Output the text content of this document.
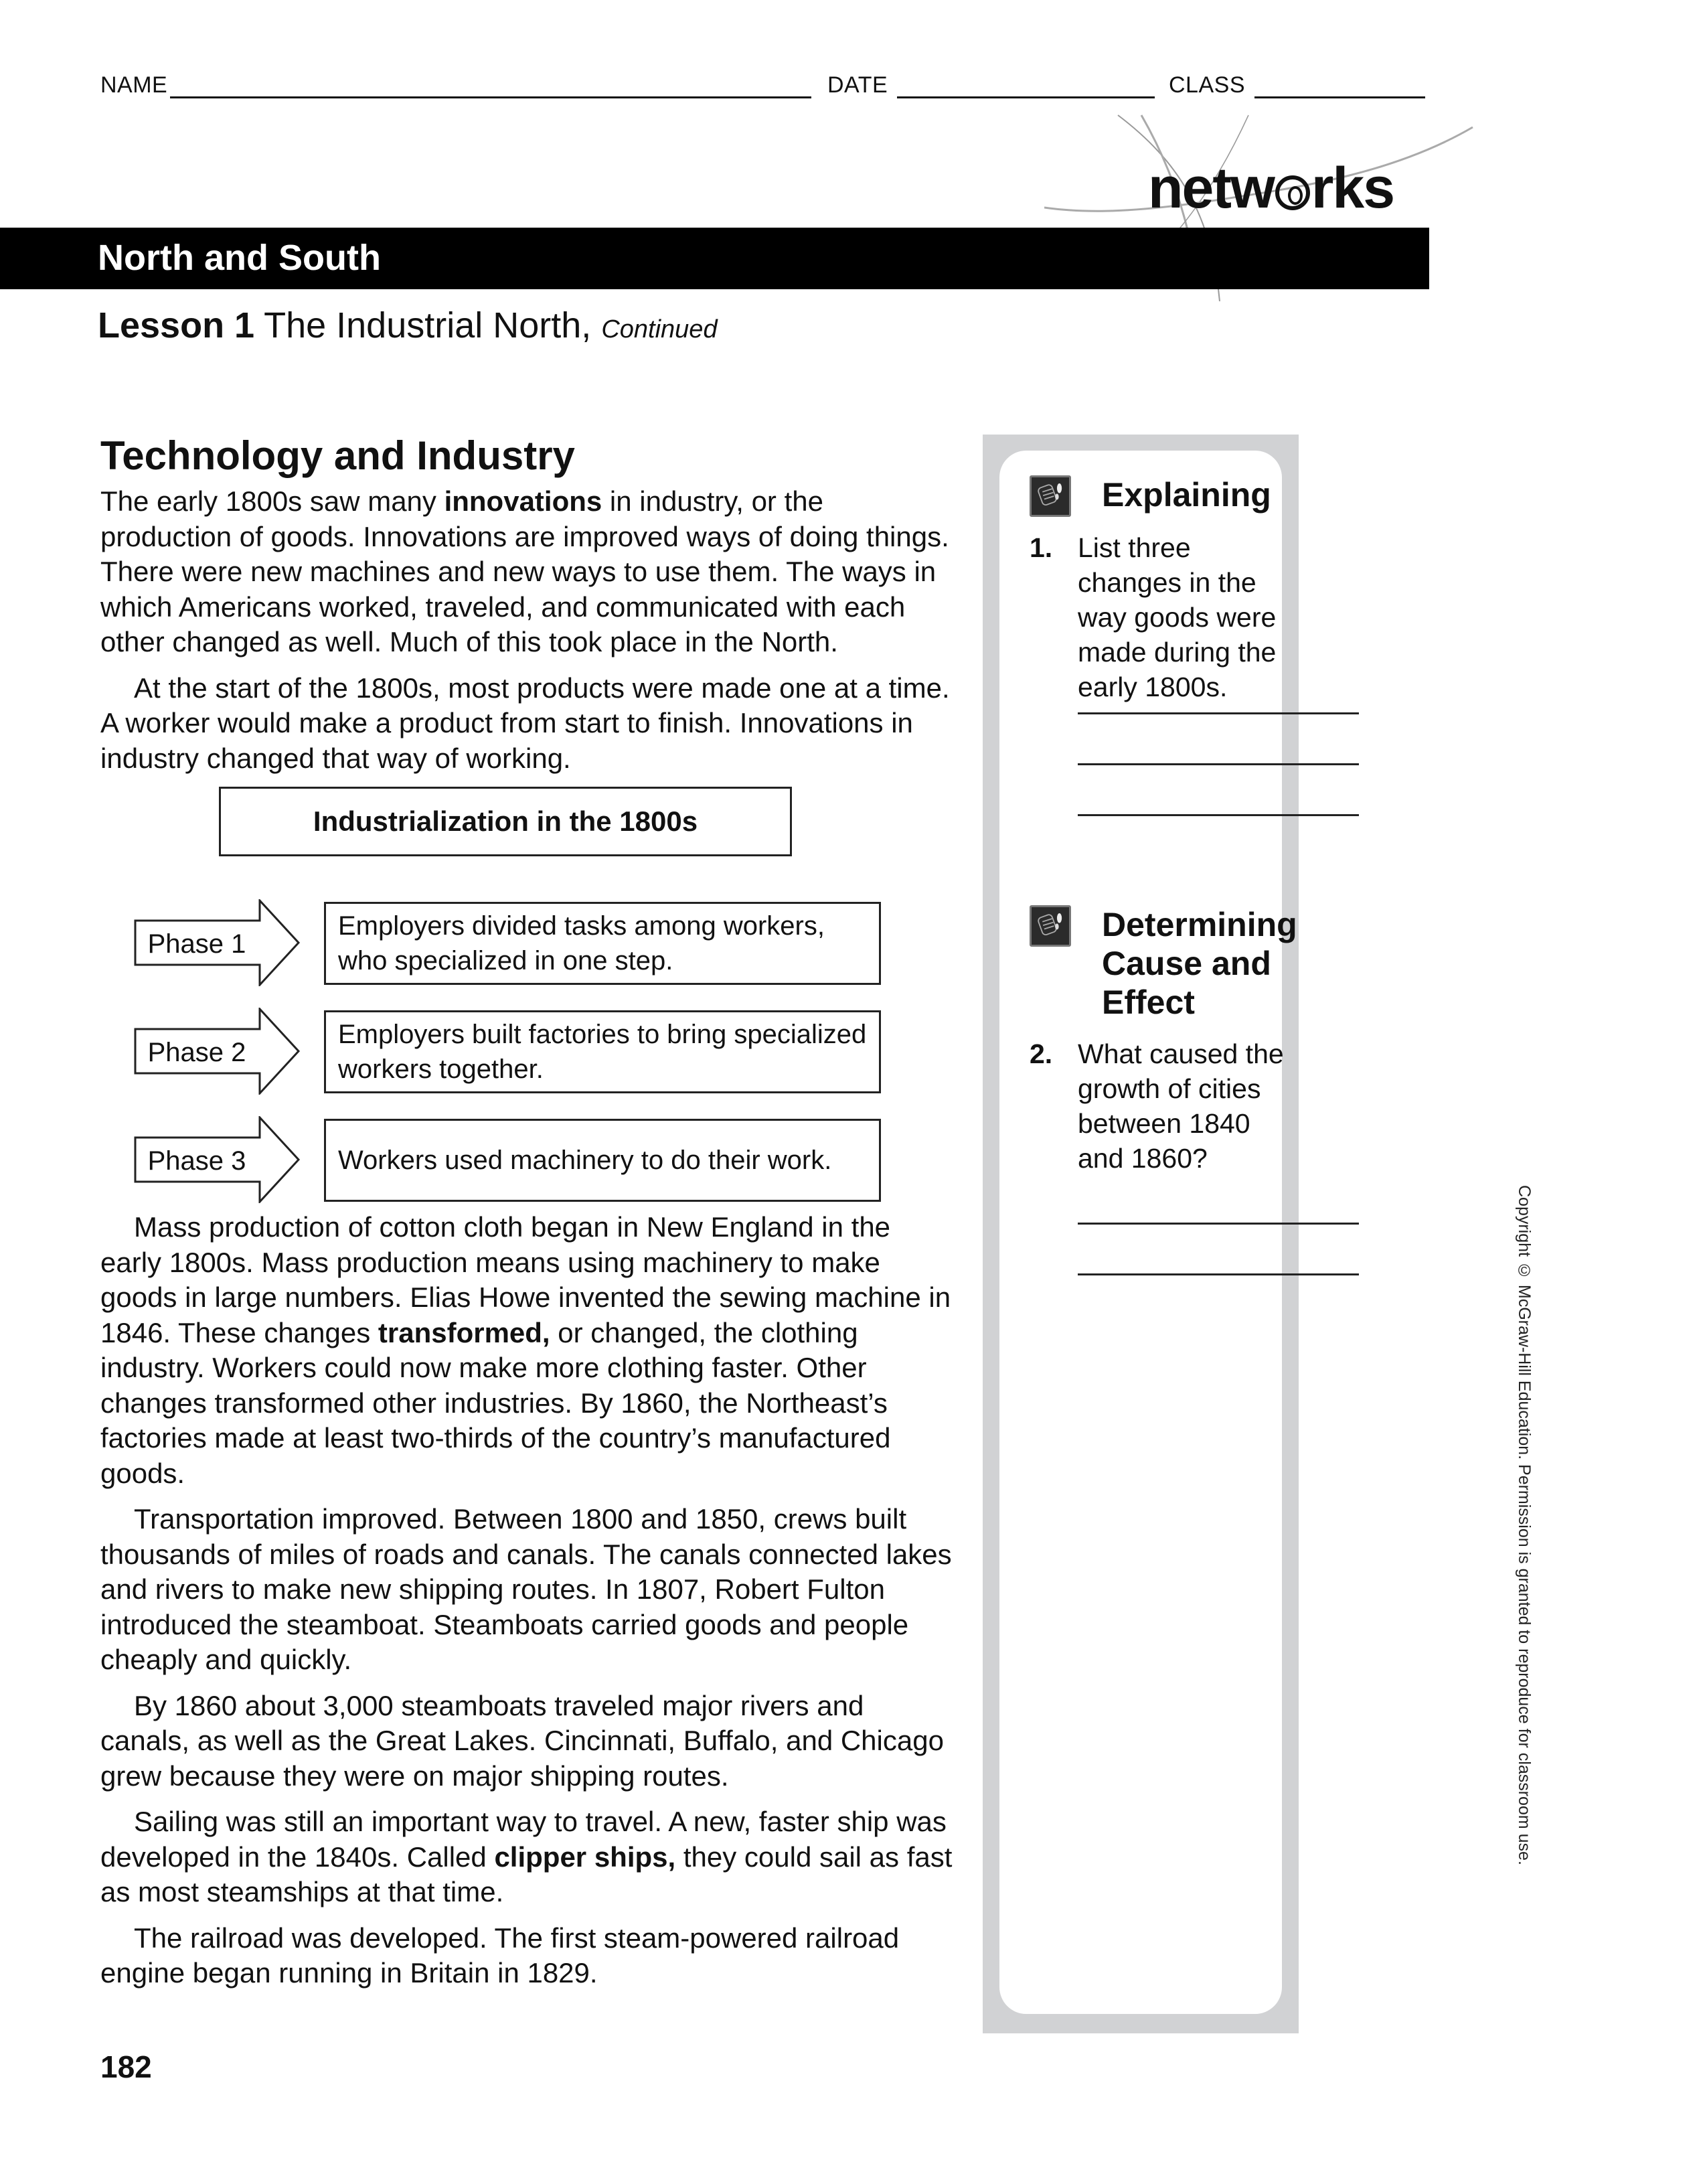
NAME	DATE	CLASS
netw rks
North and South
Lesson 1 The Industrial North, Continued
Technology and Industry

The early 1800s saw many innovations in industry, or the production of goods. Innovations are improved ways of doing things. There were new machines and new ways to use them. The ways in which Americans worked, traveled, and communicated with each other changed as well. Much of this took place in the North.

At the start of the 1800s, most products were made one at a time. A worker would make a product from start to finish. Innovations in industry changed that way of working.

Industrialization in the 1800s
Phase 1
Employers divided tasks among workers, who specialized in one step.
Phase 2
Employers built factories to bring specialized workers together.
Phase 3	Workers used machinery to do their work.

Mass production of cotton cloth began in New England in the early 1800s. Mass production means using machinery to make goods in large numbers. Elias Howe invented the sewing machine in 1846. These changes transformed, or changed, the clothing industry. Workers could now make more clothing faster. Other changes transformed other industries. By 1860, the Northeast’s factories made at least two-thirds of the country’s manufactured goods.

Transportation improved. Between 1800 and 1850, crews built thousands of miles of roads and canals. The canals connected lakes and rivers to make new shipping routes. In 1807, Robert Fulton introduced the steamboat. Steamboats carried goods and people cheaply and quickly.

By 1860 about 3,000 steamboats traveled major rivers and canals, as well as the Great Lakes. Cincinnati, Buffalo, and Chicago grew because they were on major shipping routes.

Sailing was still an important way to travel. A new, faster ship was developed in the 1840s. Called clipper ships, they could sail as fast as most steamships at that time.

The railroad was developed. The first steam-powered railroad engine began running in Britain in 1829.

Explaining
1. List three changes in the way goods were made during the early 1800s.
Determining Cause and Effect
2. What caused the growth of cities between 1840 and 1860?
Copyright © McGraw-Hill Education. Permission is granted to reproduce for classroom use.
182
